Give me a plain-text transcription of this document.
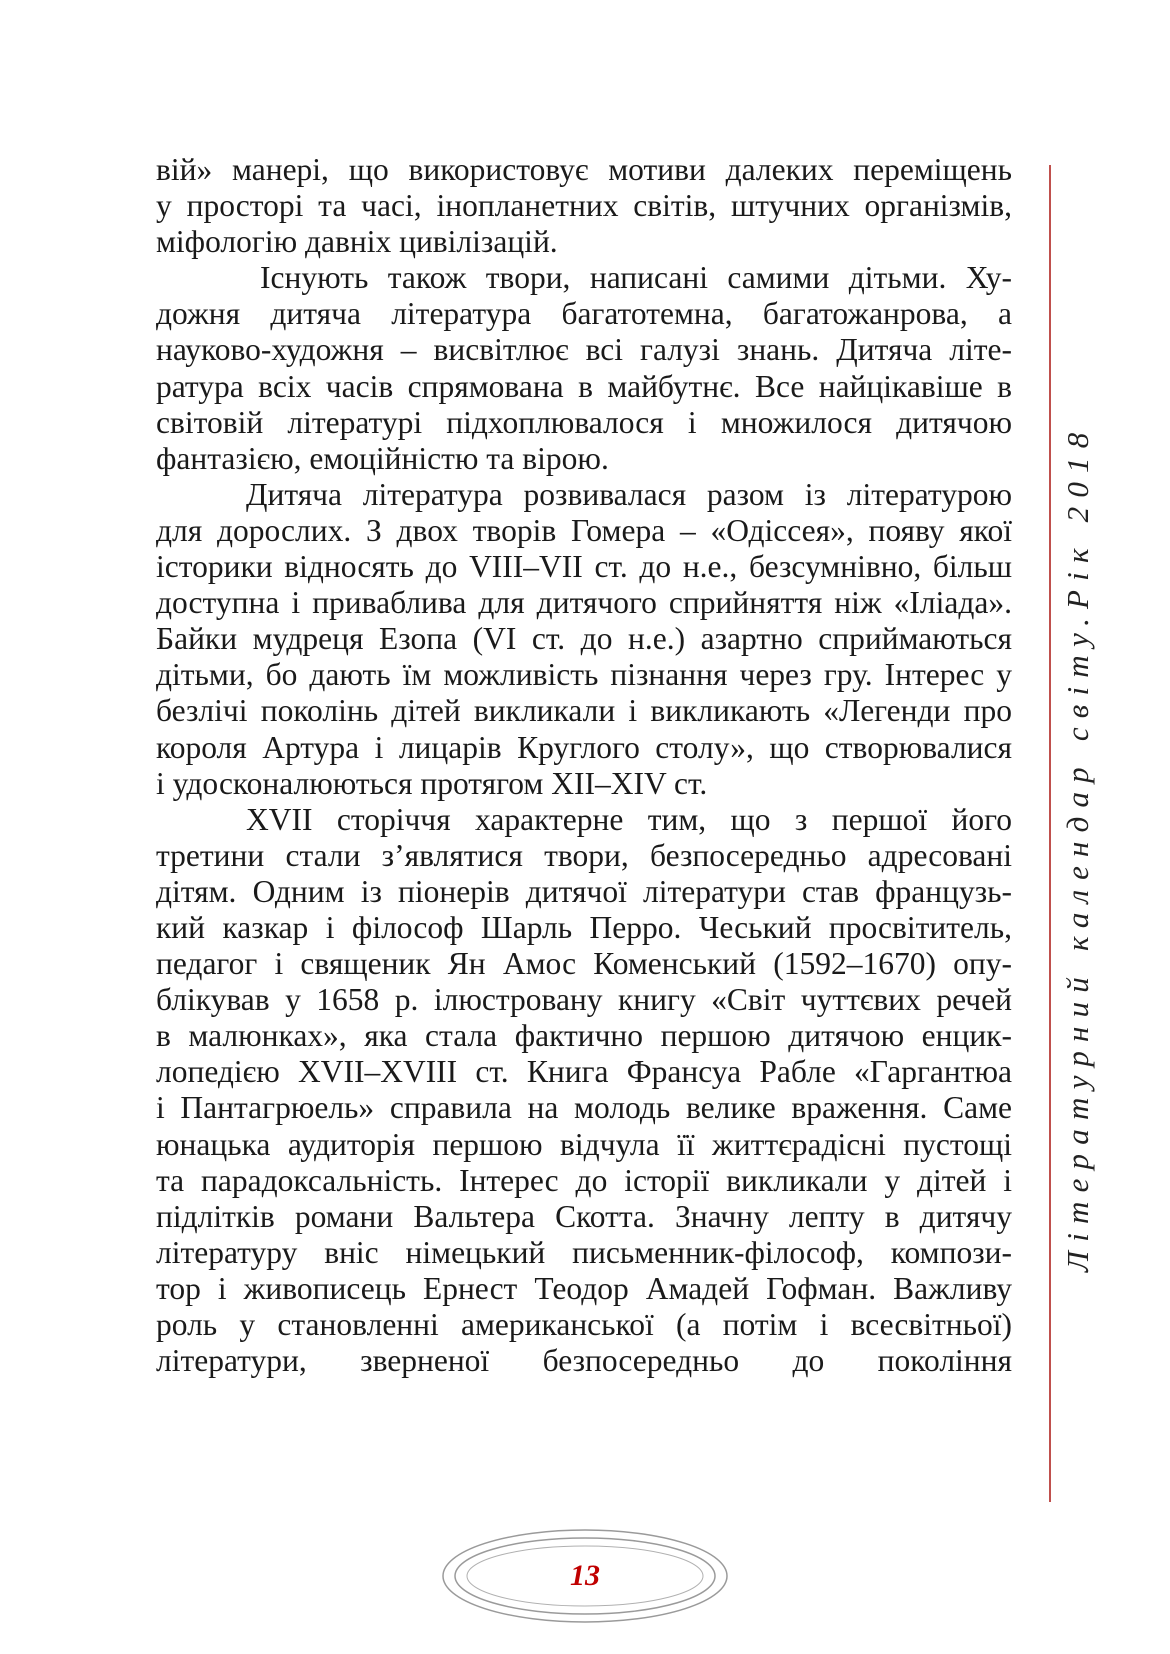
вій» манері, що використовує мотиви далеких переміщень
у просторі та часі, інопланетних світів, штучних організмів,
міфологію давніх цивілізацій.
Існують також твори, написані самими дітьми. Ху-
дожня дитяча література багатотемна, багатожанрова, а
науково-художня – висвітлює всі галузі знань. Дитяча літе-
ратура всіх часів спрямована в майбутнє. Все найцікавіше в
світовій літературі підхоплювалося і множилося дитячою
фантазією, емоційністю та вірою.
Дитяча література розвивалася разом із літературою
для дорослих. З двох творів Гомера – «Одіссея», появу якої
історики відносять до VIII–VII ст. до н.е., безсумнівно, більш
доступна і приваблива для дитячого сприйняття ніж «Іліада».
Байки мудреця Езопа (VI ст. до н.е.) азартно сприймаються
дітьми, бо дають їм можливість пізнання через гру. Інтерес у
безлічі поколінь дітей викликали і викликають «Легенди про
короля Артура і лицарів Круглого столу», що створювалися
і удосконалюються протягом XII–XIV ст.
XVII сторіччя характерне тим, що з першої його
третини стали з’являтися твори, безпосередньо адресовані
дітям. Одним із піонерів дитячої літератури став французь-
кий казкар і філософ Шарль Перро. Чеський просвітитель,
педагог і священик Ян Амос Коменський (1592–1670) опу-
блікував у 1658 р. ілюстровану книгу «Світ чуттєвих речей
в малюнках», яка стала фактично першою дитячою енцик-
лопедією XVII–XVIII ст. Книга Франсуа Рабле «Гаргантюа
і Пантагрюель» справила на молодь велике враження. Саме
юнацька аудиторія першою відчула її життєрадісні пустощі
та парадоксальність. Інтерес до історії викликали у дітей і
підлітків романи Вальтера Скотта. Значну лепту в дитячу
літературу вніс німецький письменник-філософ, компози-
тор і живописець Ернест Теодор Амадей Гофман. Важливу
роль у становленні американської (а потім і всесвітньої)
літератури, зверненої безпосередньо до покоління
Літературний календар світу.Рік 2018
13
